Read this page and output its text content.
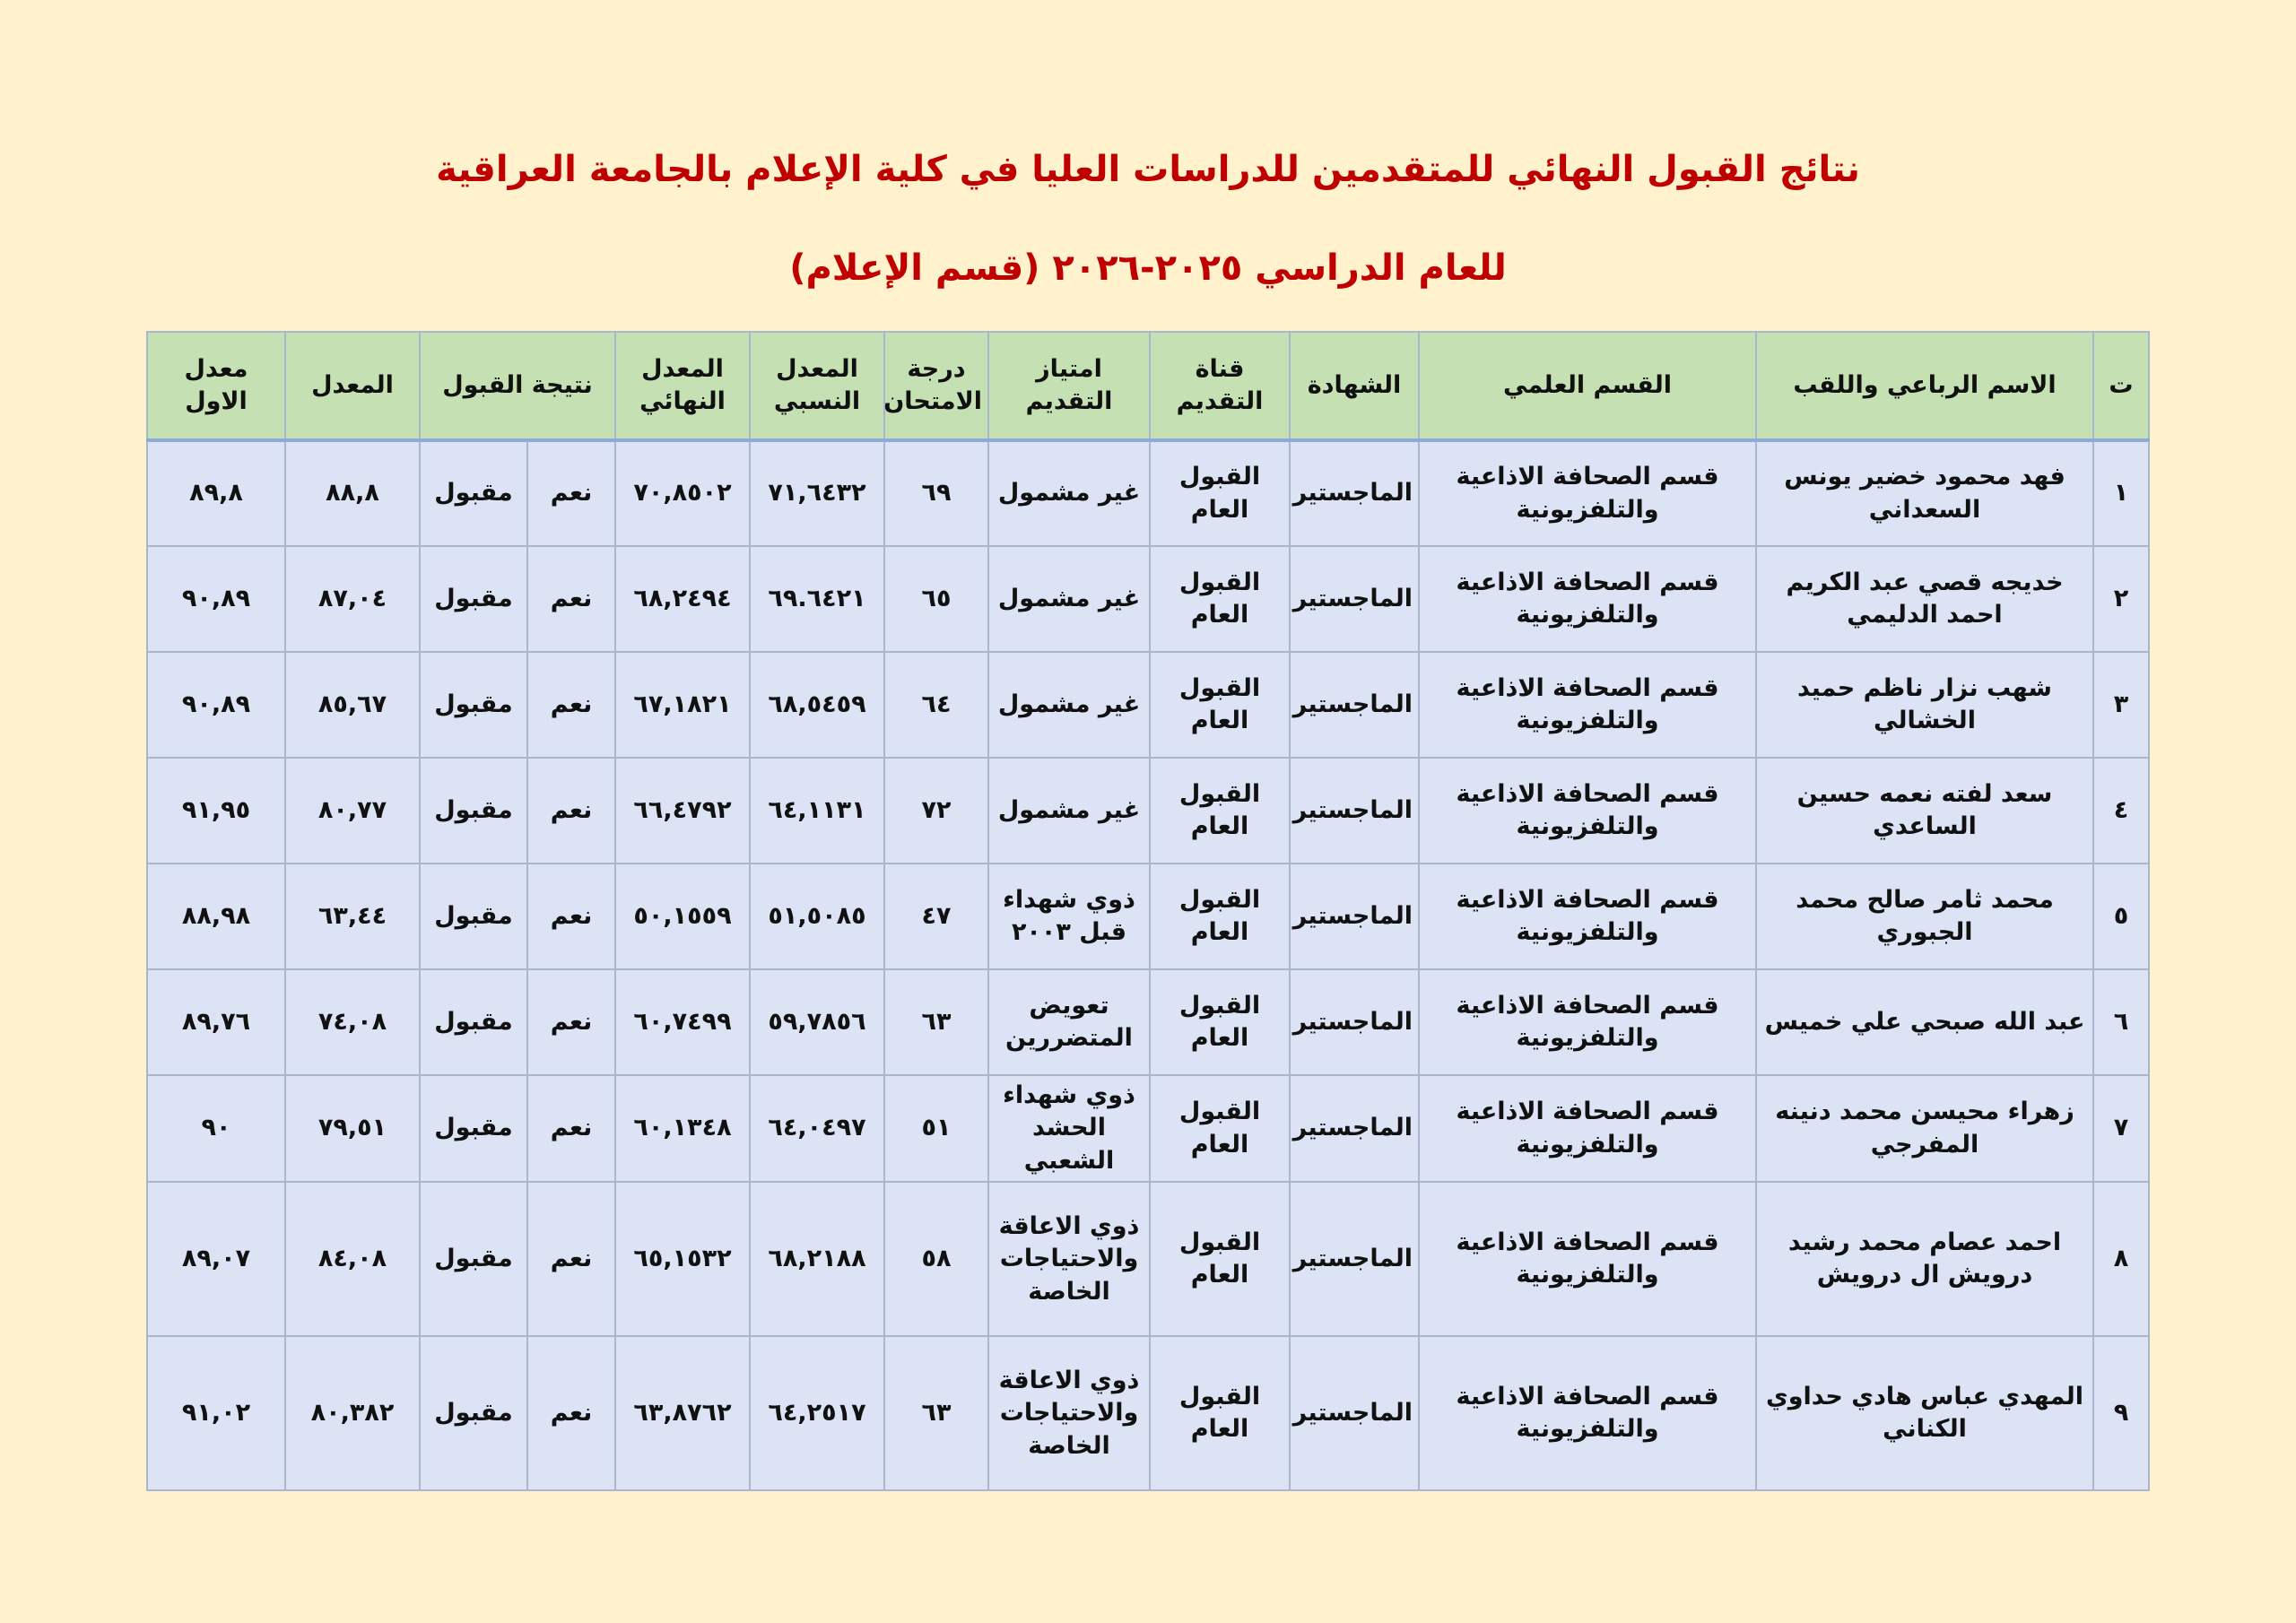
نتائج القبول النهائي للمتقدمين للدراسات العليا في كلية الإعلام بالجامعة العراقية
للعام الدراسي ٢٠٢٥-٢٠٢٦ (قسم الإعلام)
ت	الاسم الرباعي واللقب	القسم العلمي	الشهادة	قناة التقديم	امتياز التقديم	درجة الامتحان	المعدل النسبي	المعدل النهائي	نتيجة القبول		المعدل	معدل الاول
١	فهد محمود خضير يونس السعداني	قسم الصحافة الاذاعية والتلفزيونية	الماجستير	القبول العام	غير مشمول	٦٩	٧١,٦٤٣٢	٧٠,٨٥٠٢	نعم	مقبول	٨٨,٨	٨٩,٨
٢	خديجه قصي عبد الكريم احمد الدليمي	قسم الصحافة الاذاعية والتلفزيونية	الماجستير	القبول العام	غير مشمول	٦٥	٦٩.٦٤٢١	٦٨,٢٤٩٤	نعم	مقبول	٨٧,٠٤	٩٠,٨٩
٣	شهب نزار ناظم حميد الخشالي	قسم الصحافة الاذاعية والتلفزيونية	الماجستير	القبول العام	غير مشمول	٦٤	٦٨,٥٤٥٩	٦٧,١٨٢١	نعم	مقبول	٨٥,٦٧	٩٠,٨٩
٤	سعد لفته نعمه حسين الساعدي	قسم الصحافة الاذاعية والتلفزيونية	الماجستير	القبول العام	غير مشمول	٧٢	٦٤,١١٣١	٦٦,٤٧٩٢	نعم	مقبول	٨٠,٧٧	٩١,٩٥
٥	محمد ثامر صالح محمد الجبوري	قسم الصحافة الاذاعية والتلفزيونية	الماجستير	القبول العام	ذوي شهداء قبل ٢٠٠٣	٤٧	٥١,٥٠٨٥	٥٠,١٥٥٩	نعم	مقبول	٦٣,٤٤	٨٨,٩٨
٦	عبد الله صبحي علي خميس	قسم الصحافة الاذاعية والتلفزيونية	الماجستير	القبول العام	تعويض المتضررين	٦٣	٥٩,٧٨٥٦	٦٠,٧٤٩٩	نعم	مقبول	٧٤,٠٨	٨٩,٧٦
٧	زهراء محيسن محمد دنينه المفرجي	قسم الصحافة الاذاعية والتلفزيونية	الماجستير	القبول العام	ذوي شهداء الحشد الشعبي	٥١	٦٤,٠٤٩٧	٦٠,١٣٤٨	نعم	مقبول	٧٩,٥١	٩٠
٨	احمد عصام محمد رشيد درويش ال درويش	قسم الصحافة الاذاعية والتلفزيونية	الماجستير	القبول العام	ذوي الاعاقة والاحتياجات الخاصة	٥٨	٦٨,٢١٨٨	٦٥,١٥٣٢	نعم	مقبول	٨٤,٠٨	٨٩,٠٧
٩	المهدي عباس هادي حداوي الكناني	قسم الصحافة الاذاعية والتلفزيونية	الماجستير	القبول العام	ذوي الاعاقة والاحتياجات الخاصة	٦٣	٦٤,٢٥١٧	٦٣,٨٧٦٢	نعم	مقبول	٨٠,٣٨٢	٩١,٠٢
